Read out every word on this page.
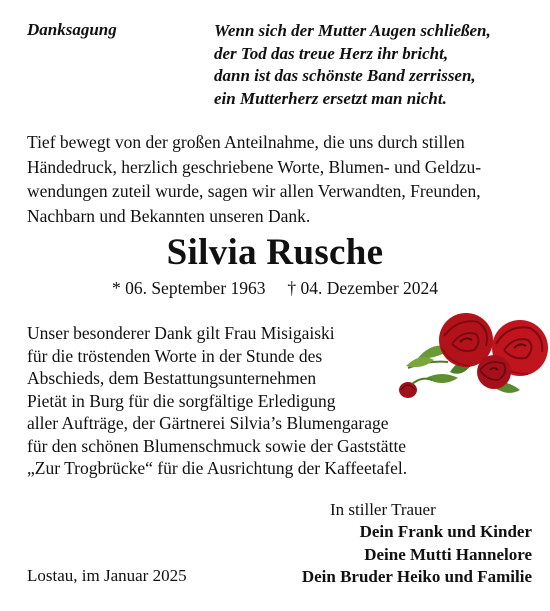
Danksagung	Wenn sich der Mutter Augen schließen,
der Tod das treue Herz ihr bricht,
dann ist das schönste Band zerrissen,
ein Mutterherz ersetzt man nicht.
Tief bewegt von der großen Anteilnahme, die uns durch stillen
Händedruck, herzlich geschriebene Worte, Blumen- und Geldzu-
wendungen zuteil wurde, sagen wir allen Verwandten, Freunden,
Nachbarn und Bekannten unseren Dank.
Silvia Rusche
* 06. September 1963 † 04. Dezember 2024
Unser besonderer Dank gilt Frau Misigaiski
für die tröstenden Worte in der Stunde des
Abschieds, dem Bestattungsunternehmen
Pietät in Burg für die sorgfältige Erledigung
aller Aufträge, der Gärtnerei Silvia’s Blumengarage
für den schönen Blumenschmuck sowie der Gaststätte
„Zur Trogbrücke“ für die Ausrichtung der Kaffeetafel.
In stiller Trauer
Dein Frank und Kinder
Deine Mutti Hannelore
Dein Bruder Heiko und Familie
Lostau, im Januar 2025
